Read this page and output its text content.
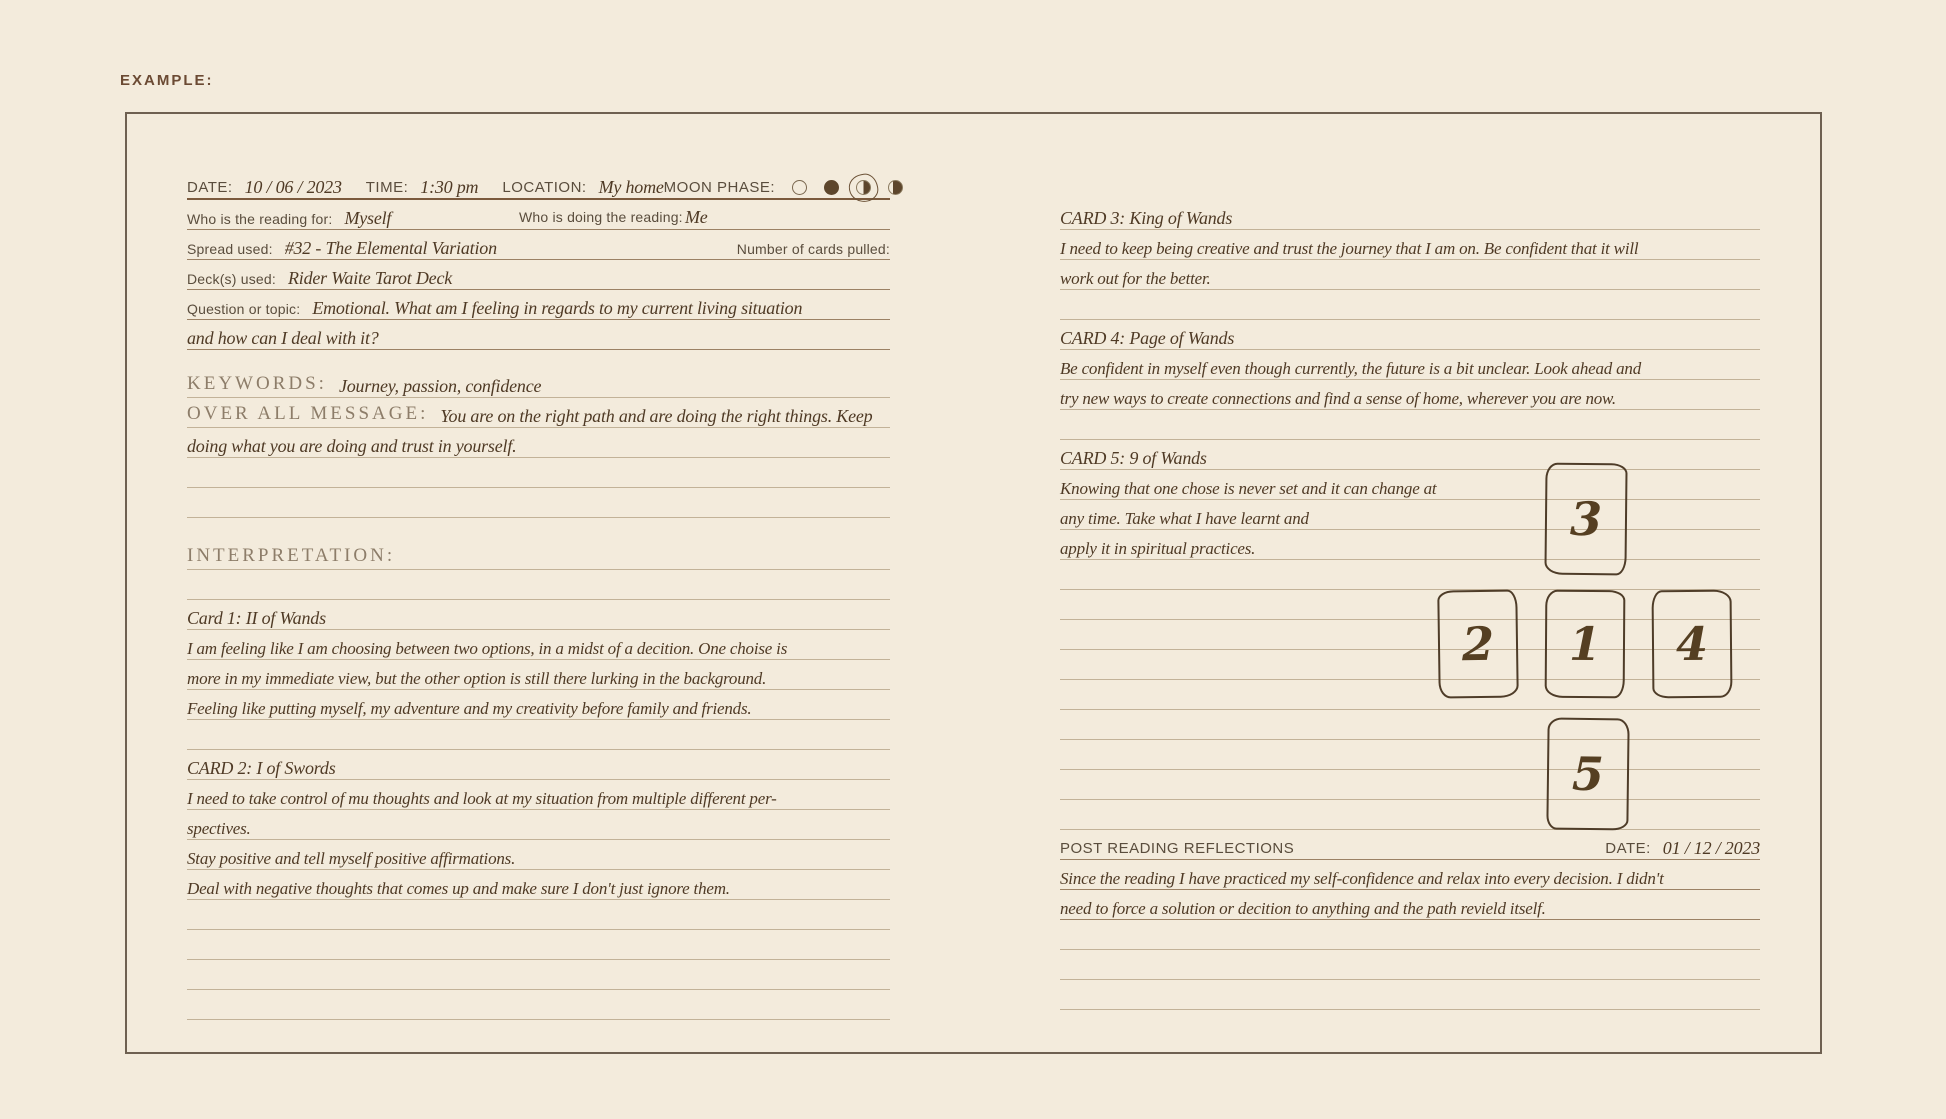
EXAMPLE:
DATE: 10 / 06 / 2023 TIME: 1:30 pm LOCATION: My home MOON PHASE:
Who is the reading for: Myself	Who is doing the reading: Me
Spread used: #32 - The Elemental Variation	Number of cards pulled:
Deck(s) used: Rider Waite Tarot Deck
Question or topic: Emotional. What am I feeling in regards to my current living situation
and how can I deal with it?
KEYWORDS: Journey, passion, confidence
OVER ALL MESSAGE: You are on the right path and are doing the right things. Keep
doing what you are doing and trust in yourself.
INTERPRETATION:
Card 1: II of Wands
I am feeling like I am choosing between two options, in a midst of a decition. One choise is
more in my immediate view, but the other option is still there lurking in the background.
Feeling like putting myself, my adventure and my creativity before family and friends.
CARD 2: I of Swords
I need to take control of mu thoughts and look at my situation from multiple different per-
spectives.
Stay positive and tell myself positive affirmations.
Deal with negative thoughts that comes up and make sure I don't just ignore them.
CARD 3: King of Wands
I need to keep being creative and trust the journey that I am on. Be confident that it will
work out for the better.
CARD 4: Page of Wands
Be confident in myself even though currently, the future is a bit unclear. Look ahead and
try new ways to create connections and find a sense of home, wherever you are now.
CARD 5: 9 of Wands
Knowing that one chose is never set and it can change at
any time. Take what I have learnt and
apply it in spiritual practices.
POST READING REFLECTIONS	DATE: 01 / 12 / 2023
Since the reading I have practiced my self-confidence and relax into every decision. I didn't
need to force a solution or decition to anything and the path revield itself.
3
2 1 4
5
